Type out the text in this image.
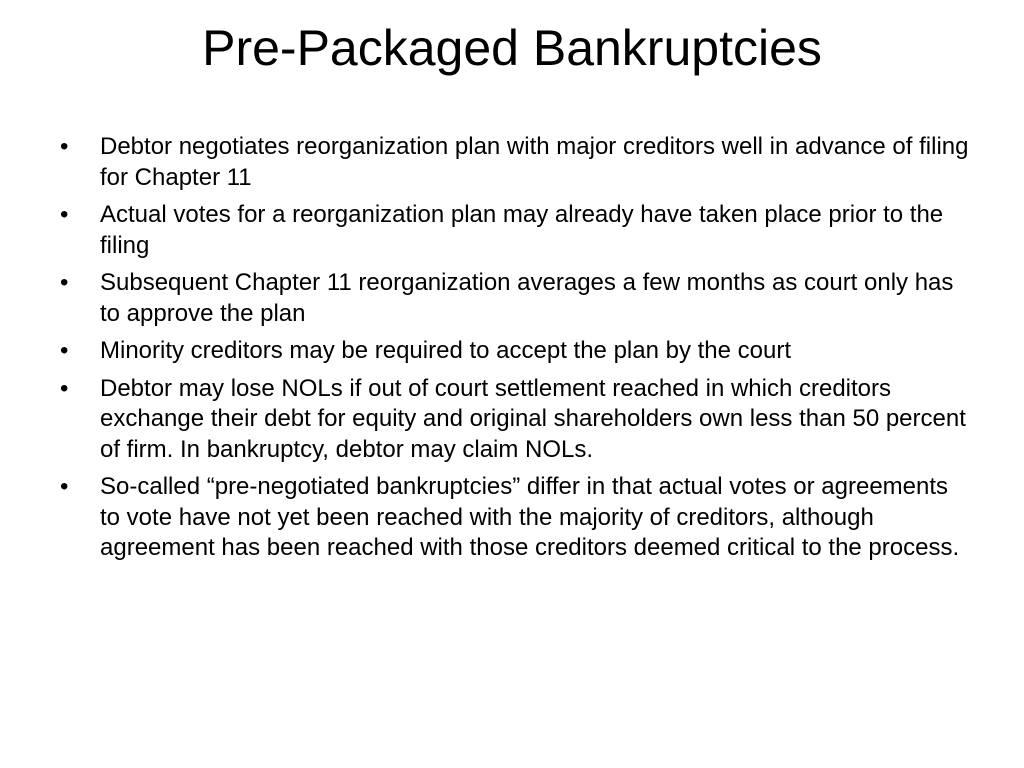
Pre-Packaged Bankruptcies
•	Debtor negotiates reorganization plan with major creditors well in advance of filing for Chapter 11
•	Actual votes for a reorganization plan may already have taken place prior to the filing
•	Subsequent Chapter 11 reorganization averages a few months as court only has to approve the plan
•	Minority creditors may be required to accept the plan by the court
•	Debtor may lose NOLs if out of court settlement reached in which creditors exchange their debt for equity and original shareholders own less than 50 percent of firm. In bankruptcy, debtor may claim NOLs.
•	So-called “pre-negotiated bankruptcies” differ in that actual votes or agreements to vote have not yet been reached with the majority of creditors, although agreement has been reached with those creditors deemed critical to the process.
